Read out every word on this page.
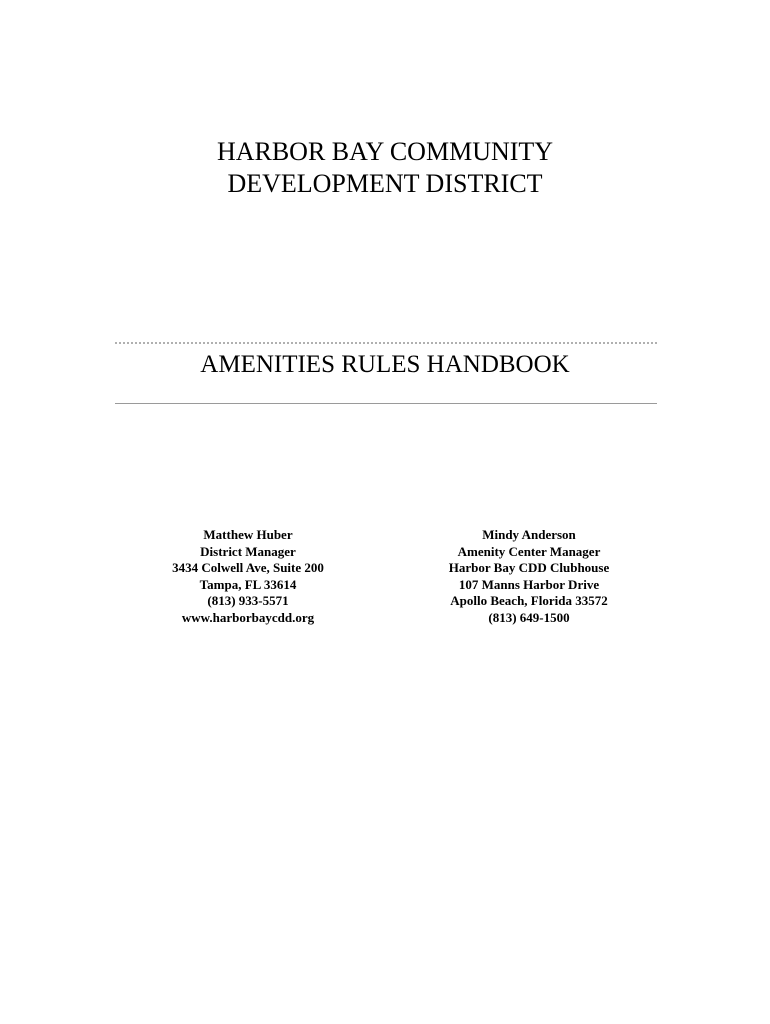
HARBOR BAY COMMUNITY
DEVELOPMENT DISTRICT
AMENITIES RULES HANDBOOK
Matthew Huber
District Manager
3434 Colwell Ave, Suite 200
Tampa, FL 33614
(813) 933-5571
www.harborbaycdd.org
Mindy Anderson
Amenity Center Manager
Harbor Bay CDD Clubhouse
107 Manns Harbor Drive
Apollo Beach, Florida 33572
(813) 649-1500
